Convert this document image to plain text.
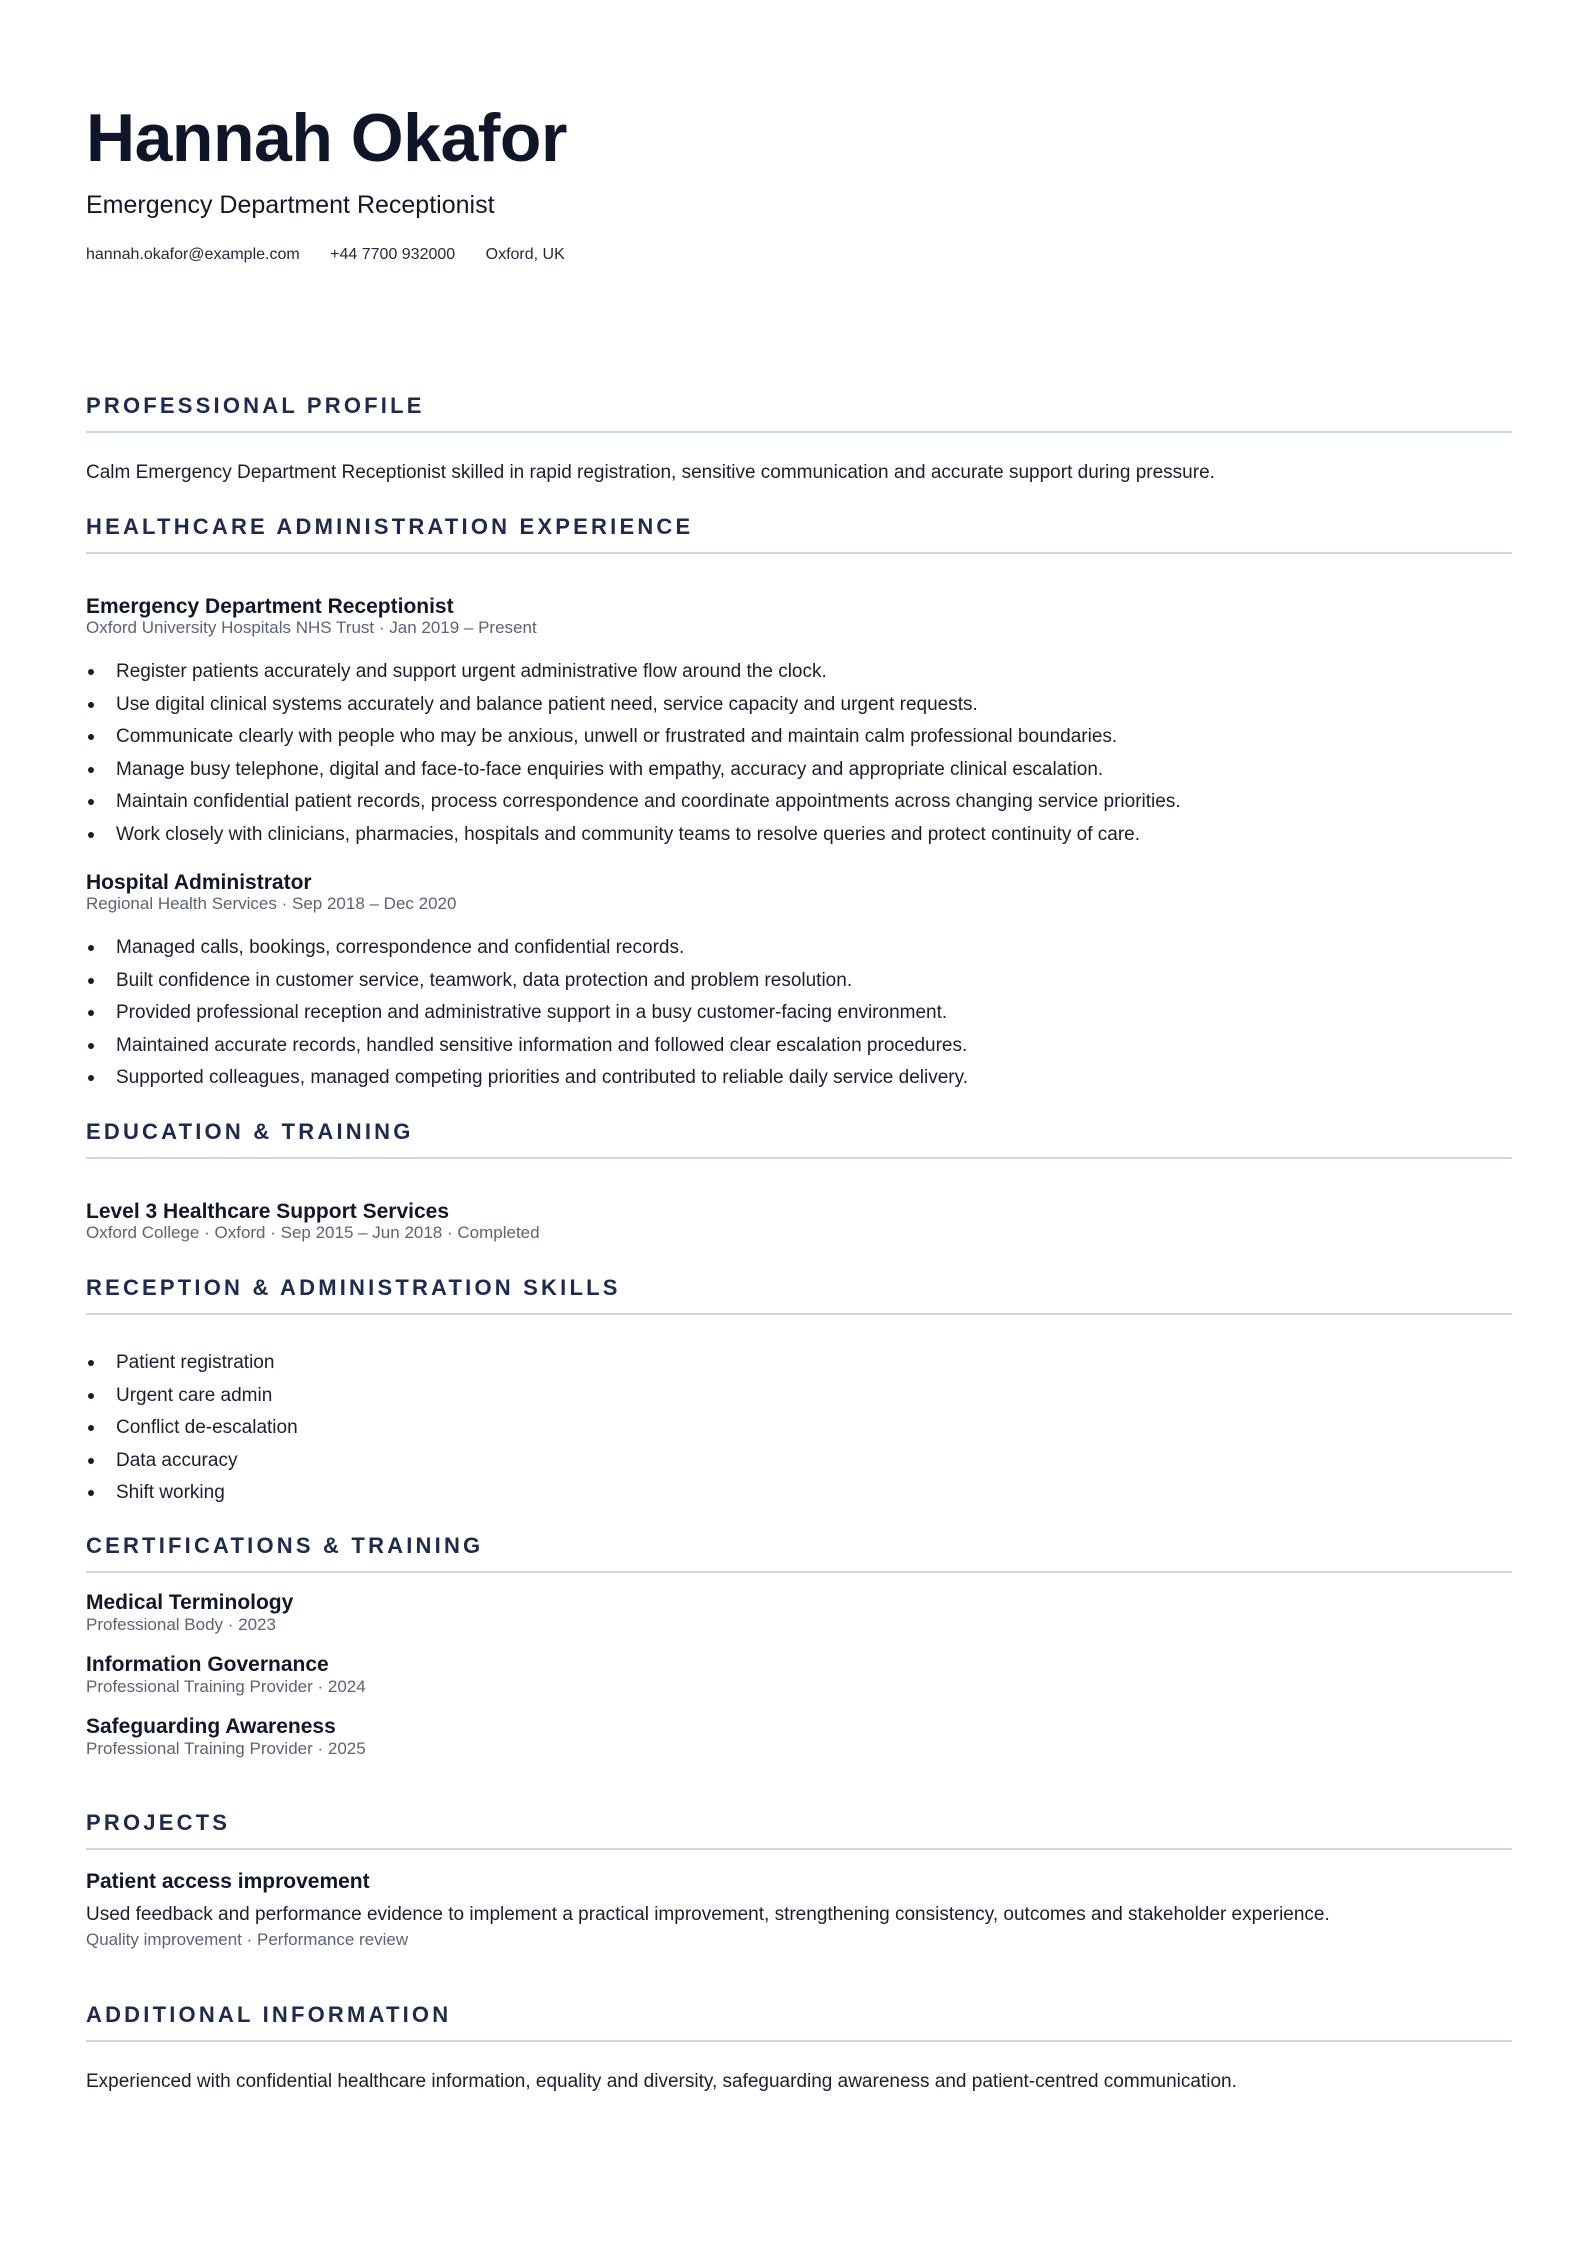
Hannah Okafor
Emergency Department Receptionist
hannah.okafor@example.com +44 7700 932000 Oxford, UK
PROFESSIONAL PROFILE
Calm Emergency Department Receptionist skilled in rapid registration, sensitive communication and accurate support during pressure.
HEALTHCARE ADMINISTRATION EXPERIENCE
Emergency Department Receptionist
Oxford University Hospitals NHS Trust · Jan 2019 – Present
Register patients accurately and support urgent administrative flow around the clock.
Use digital clinical systems accurately and balance patient need, service capacity and urgent requests.
Communicate clearly with people who may be anxious, unwell or frustrated and maintain calm professional boundaries.
Manage busy telephone, digital and face-to-face enquiries with empathy, accuracy and appropriate clinical escalation.
Maintain confidential patient records, process correspondence and coordinate appointments across changing service priorities.
Work closely with clinicians, pharmacies, hospitals and community teams to resolve queries and protect continuity of care.
Hospital Administrator
Regional Health Services · Sep 2018 – Dec 2020
Managed calls, bookings, correspondence and confidential records.
Built confidence in customer service, teamwork, data protection and problem resolution.
Provided professional reception and administrative support in a busy customer-facing environment.
Maintained accurate records, handled sensitive information and followed clear escalation procedures.
Supported colleagues, managed competing priorities and contributed to reliable daily service delivery.
EDUCATION & TRAINING
Level 3 Healthcare Support Services
Oxford College · Oxford · Sep 2015 – Jun 2018 · Completed
RECEPTION & ADMINISTRATION SKILLS
Patient registration
Urgent care admin
Conflict de-escalation
Data accuracy
Shift working
CERTIFICATIONS & TRAINING
Medical Terminology
Professional Body · 2023
Information Governance
Professional Training Provider · 2024
Safeguarding Awareness
Professional Training Provider · 2025
PROJECTS
Patient access improvement
Used feedback and performance evidence to implement a practical improvement, strengthening consistency, outcomes and stakeholder experience.
Quality improvement · Performance review
ADDITIONAL INFORMATION
Experienced with confidential healthcare information, equality and diversity, safeguarding awareness and patient-centred communication.
